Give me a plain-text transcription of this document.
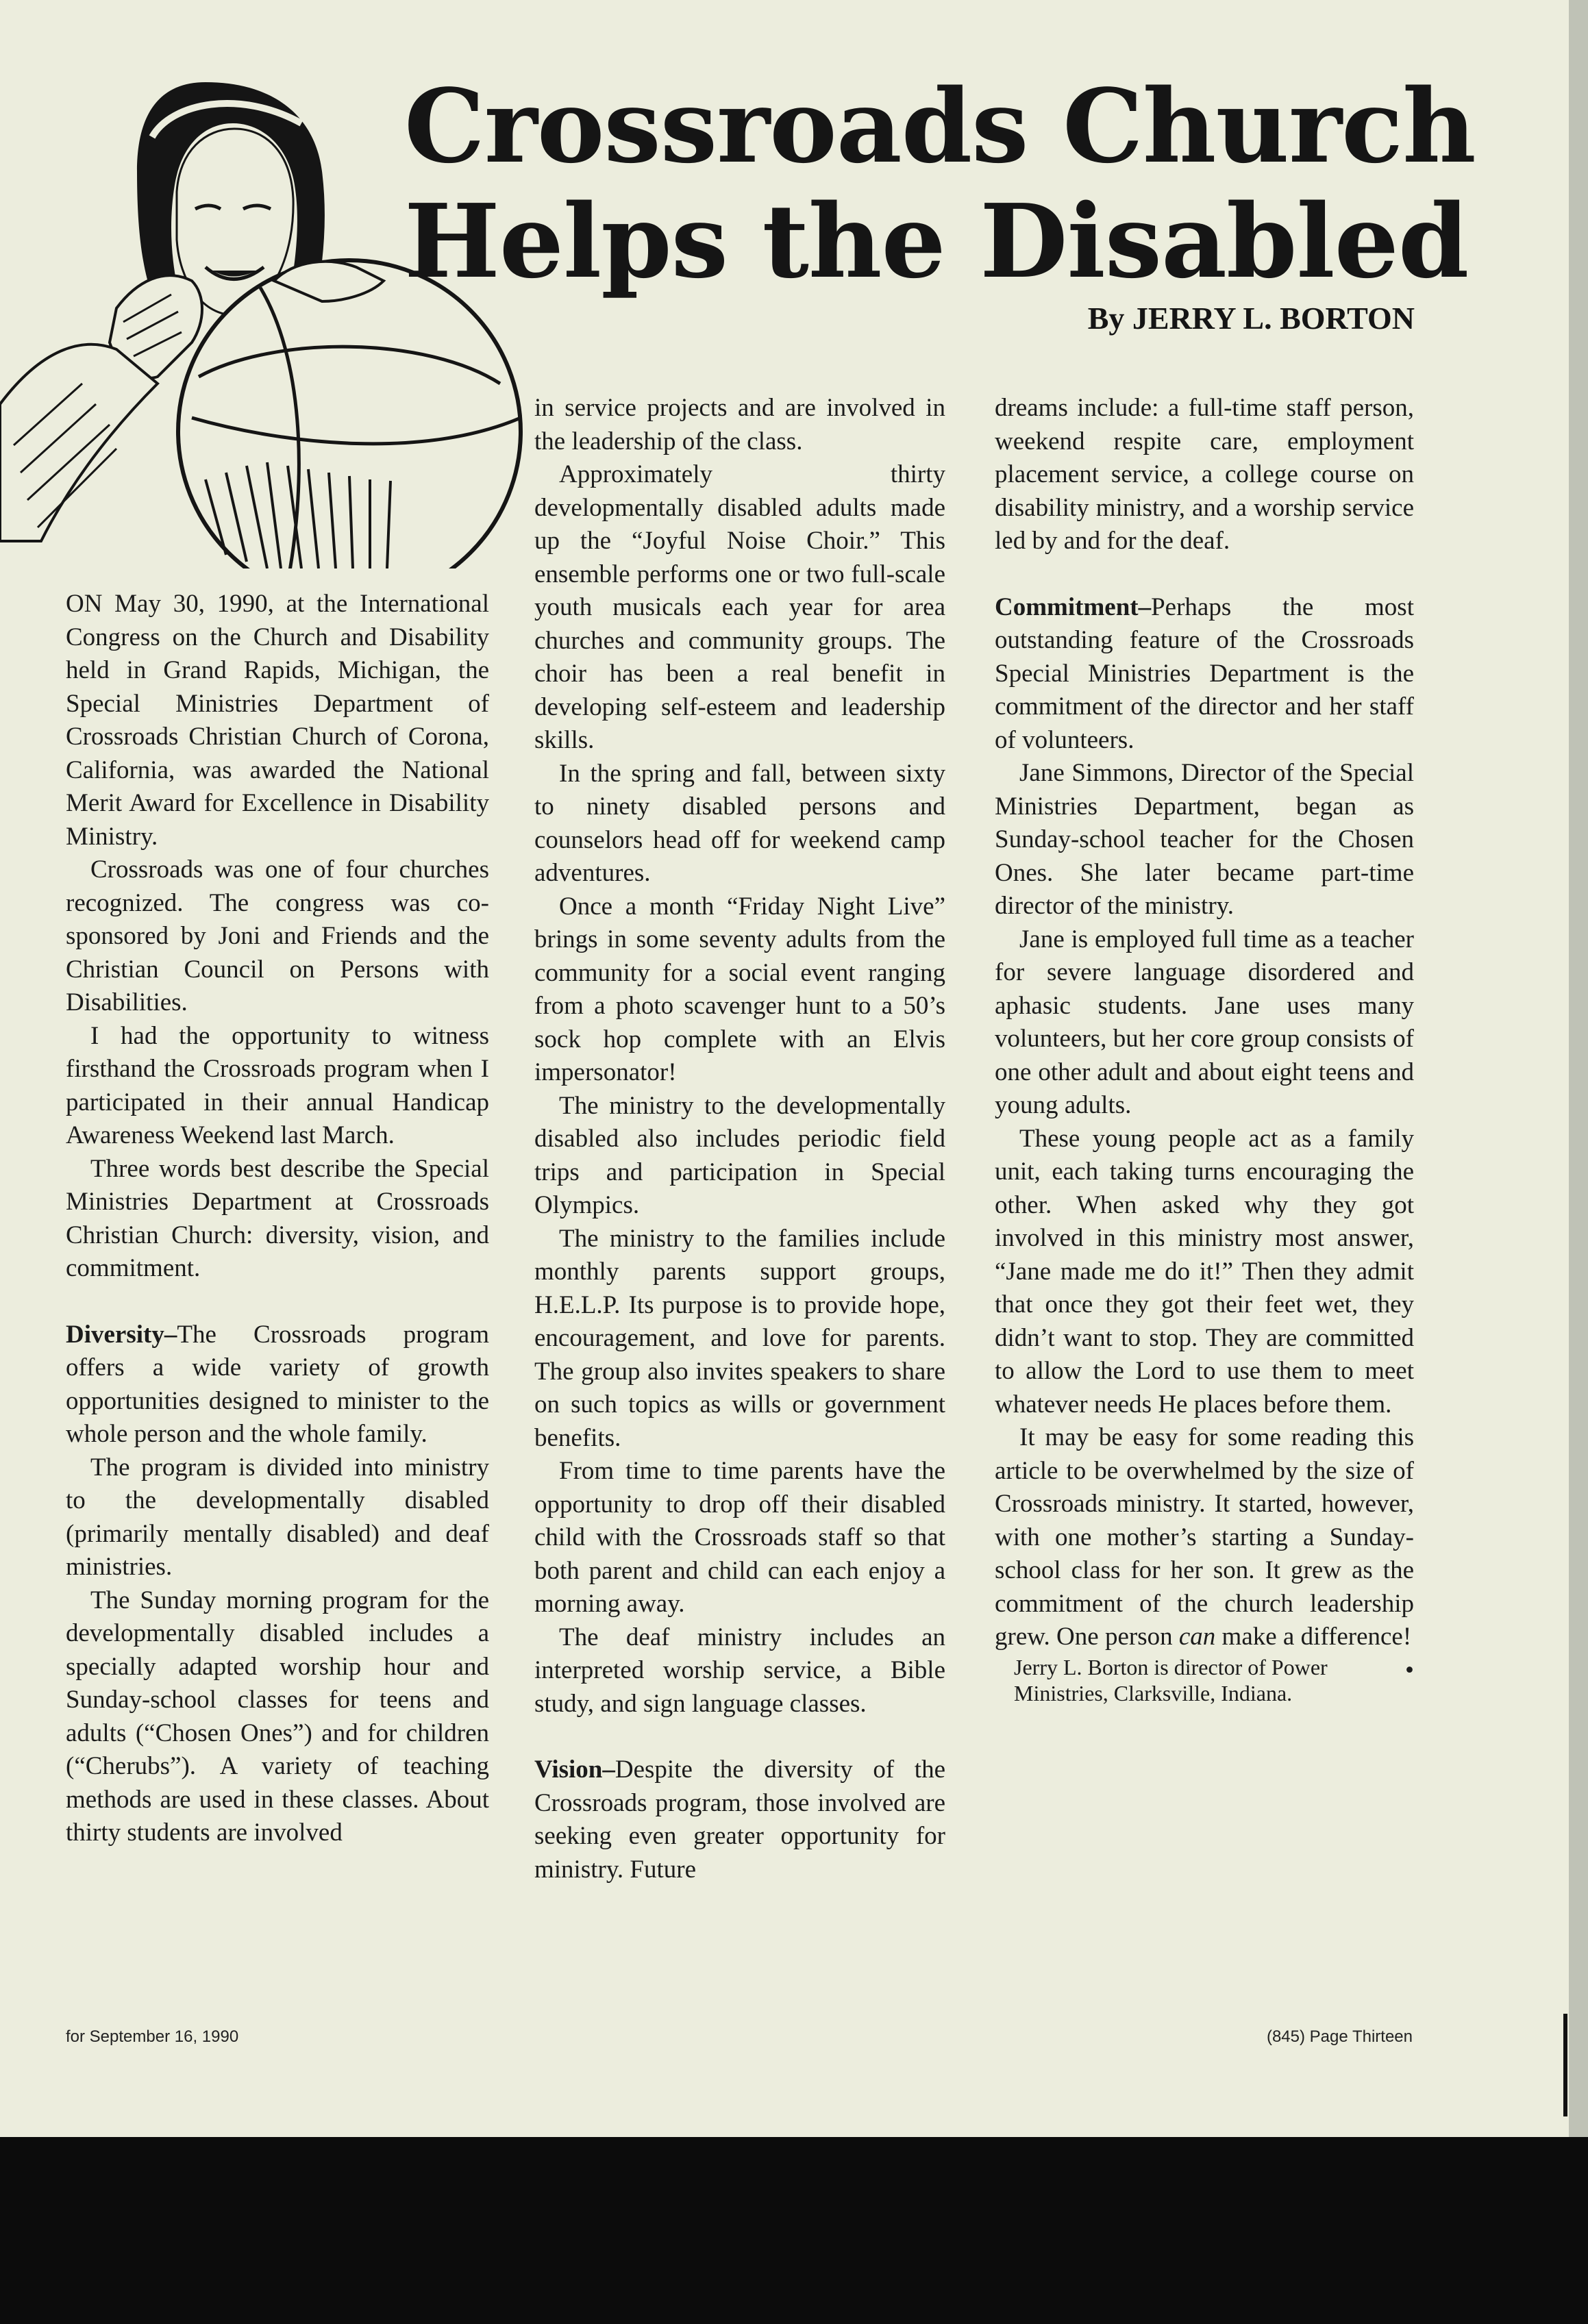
Crossroads Church
Helps the Disabled
By JERRY L. BORTON

ON May 30, 1990, at the International Congress on the Church and Disability held in Grand Rapids, Michigan, the Special Ministries Department of Crossroads Christian Church of Corona, California, was awarded the National Merit Award for Excellence in Disability Ministry.

Crossroads was one of four churches recognized. The congress was co-sponsored by Joni and Friends and the Christian Council on Persons with Disabilities.

I had the opportunity to witness firsthand the Crossroads program when I participated in their annual Handicap Awareness Weekend last March.

Three words best describe the Special Ministries Department at Crossroads Christian Church: diversity, vision, and commitment.

Diversity–The Crossroads program offers a wide variety of growth opportunities designed to minister to the whole person and the whole family.

The program is divided into ministry to the developmentally disabled (primarily mentally disabled) and deaf ministries.

The Sunday morning program for the developmentally disabled includes a specially adapted worship hour and Sunday-school classes for teens and adults (“Chosen Ones”) and for children (“Cherubs”). A variety of teaching methods are used in these classes. About thirty students are involved

in service projects and are involved in the leadership of the class.

Approximately thirty developmentally disabled adults made up the “Joyful Noise Choir.” This ensemble performs one or two full-scale youth musicals each year for area churches and community groups. The choir has been a real benefit in developing self-esteem and leadership skills.

In the spring and fall, between sixty to ninety disabled persons and counselors head off for weekend camp adventures.

Once a month “Friday Night Live” brings in some seventy adults from the community for a social event ranging from a photo scavenger hunt to a 50’s sock hop complete with an Elvis impersonator!

The ministry to the developmentally disabled also includes periodic field trips and participation in Special Olympics.

The ministry to the families include monthly parents support groups, H.E.L.P. Its purpose is to provide hope, encouragement, and love for parents. The group also invites speakers to share on such topics as wills or government benefits.

From time to time parents have the opportunity to drop off their disabled child with the Crossroads staff so that both parent and child can each enjoy a morning away.

The deaf ministry includes an interpreted worship service, a Bible study, and sign language classes.

Vision–Despite the diversity of the Crossroads program, those involved are seeking even greater opportunity for ministry. Future

dreams include: a full-time staff person, weekend respite care, employment placement service, a college course on disability ministry, and a worship service led by and for the deaf.

Commitment–Perhaps the most outstanding feature of the Crossroads Special Ministries Department is the commitment of the director and her staff of volunteers.

Jane Simmons, Director of the Special Ministries Department, began as Sunday-school teacher for the Chosen Ones. She later became part-time director of the ministry.

Jane is employed full time as a teacher for severe language disordered and aphasic students. Jane uses many volunteers, but her core group consists of one other adult and about eight teens and young adults.

These young people act as a family unit, each taking turns encouraging the other. When asked why they got involved in this ministry most answer, “Jane made me do it!” Then they admit that once they got their feet wet, they didn’t want to stop. They are committed to allow the Lord to use them to meet whatever needs He places before them.

It may be easy for some reading this article to be overwhelmed by the size of Crossroads ministry. It started, however, with one mother’s starting a Sunday-school class for her son. It grew as the commitment of the church leadership grew. One person can make a difference!
•

Jerry L. Borton is director of Power Ministries, Clarksville, Indiana.

for September 16, 1990	(845) Page Thirteen
